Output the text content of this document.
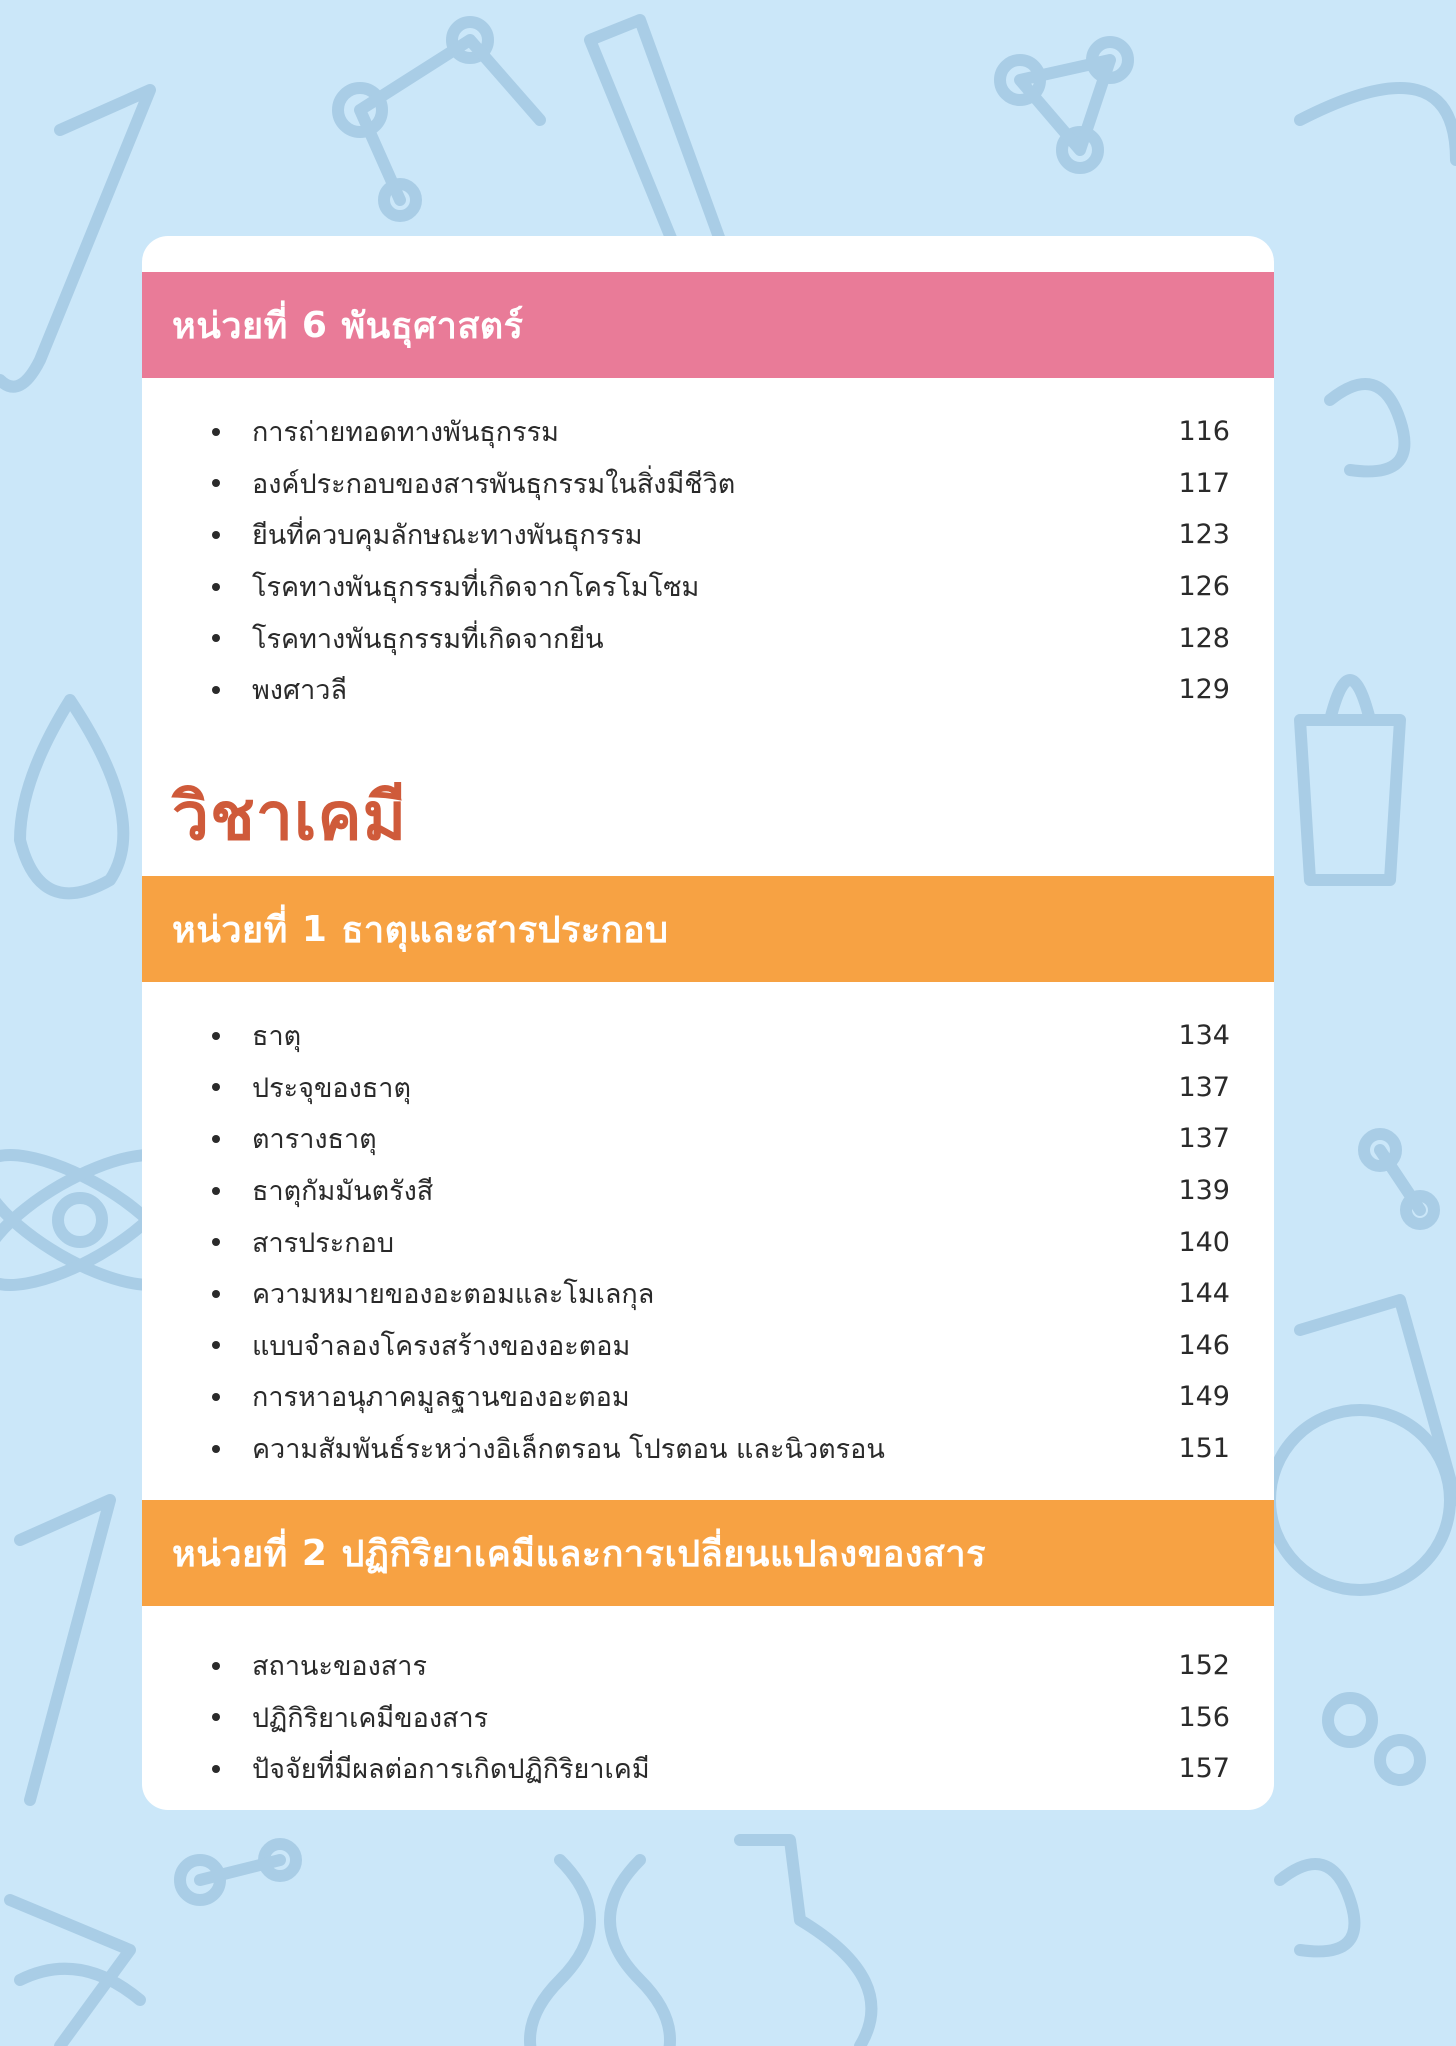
หน่วยที่ 6 พันธุศาสตร์
การถ่ายทอดทางพันธุกรรม	116
องค์ประกอบของสารพันธุกรรมในสิ่งมีชีวิต	117
ยีนที่ควบคุมลักษณะทางพันธุกรรม	123
โรคทางพันธุกรรมที่เกิดจากโครโมโซม	126
โรคทางพันธุกรรมที่เกิดจากยีน	128
พงศาวลี	129
วิชาเคมี
หน่วยที่ 1 ธาตุและสารประกอบ
ธาตุ	134
ประจุของธาตุ	137
ตารางธาตุ	137
ธาตุกัมมันตรังสี	139
สารประกอบ	140
ความหมายของอะตอมและโมเลกุล	144
แบบจำลองโครงสร้างของอะตอม	146
การหาอนุภาคมูลฐานของอะตอม	149
ความสัมพันธ์ระหว่างอิเล็กตรอน โปรตอน และนิวตรอน	151
หน่วยที่ 2 ปฏิกิริยาเคมีและการเปลี่ยนแปลงของสาร
สถานะของสาร	152
ปฏิกิริยาเคมีของสาร	156
ปัจจัยที่มีผลต่อการเกิดปฏิกิริยาเคมี	157
